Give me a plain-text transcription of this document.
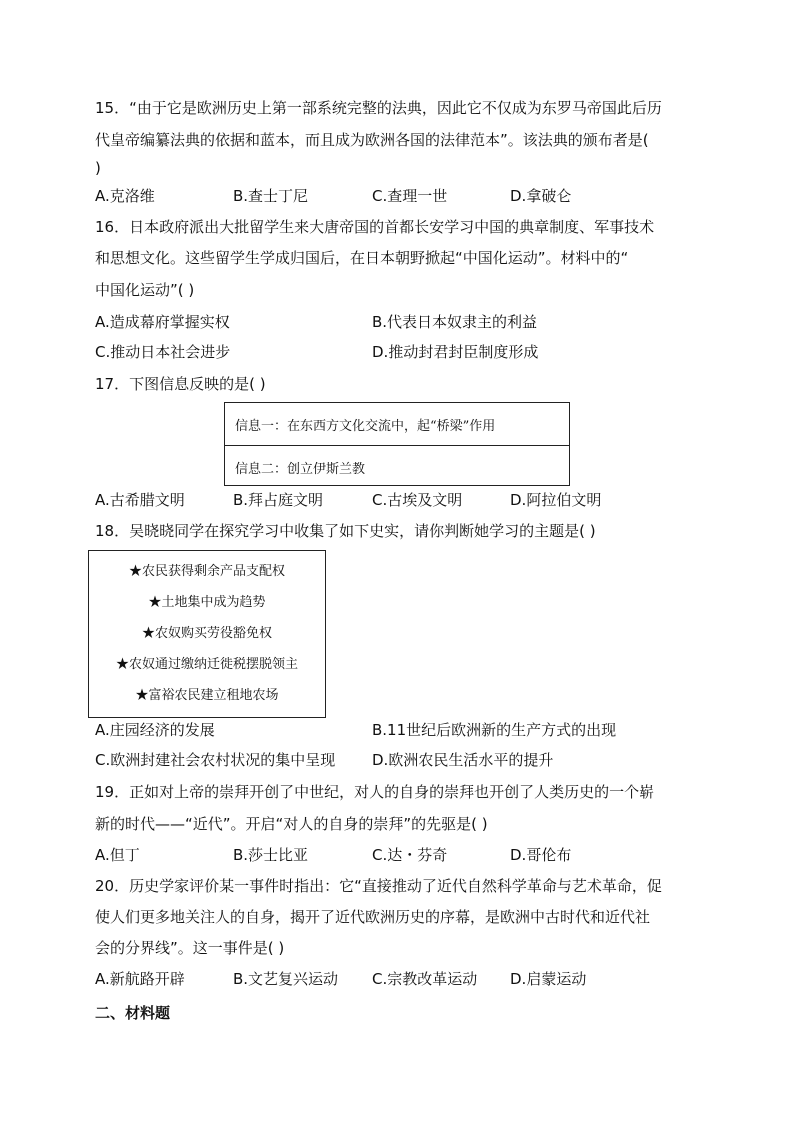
15．“由于它是欧洲历史上第一部系统完整的法典，因此它不仅成为东罗马帝国此后历
代皇帝编纂法典的依据和蓝本，而且成为欧洲各国的法律范本”。该法典的颁布者是(
)
A.克洛维	B.查士丁尼	C.查理一世	D.拿破仑
16．日本政府派出大批留学生来大唐帝国的首都长安学习中国的典章制度、军事技术
和思想文化。这些留学生学成归国后，在日本朝野掀起“中国化运动”。材料中的“
中国化运动”( )
A.造成幕府掌握实权	B.代表日本奴隶主的利益
C.推动日本社会进步	D.推动封君封臣制度形成
17．下图信息反映的是( )
信息一：在东西方文化交流中，起“桥梁”作用
信息二：创立伊斯兰教
A.古希腊文明	B.拜占庭文明	C.古埃及文明	D.阿拉伯文明
18．吴晓晓同学在探究学习中收集了如下史实，请你判断她学习的主题是( )
★农民获得剩余产品支配权
★土地集中成为趋势
★农奴购买劳役豁免权
★农奴通过缴纳迁徙税摆脱领主
★富裕农民建立租地农场
A.庄园经济的发展	B.11世纪后欧洲新的生产方式的出现
C.欧洲封建社会农村状况的集中呈现 D.欧洲农民生活水平的提升
19．正如对上帝的崇拜开创了中世纪，对人的自身的崇拜也开创了人类历史的一个崭
新的时代——“近代”。开启“对人的自身的崇拜”的先驱是( )
A.但丁	B.莎士比亚	C.达・芬奇	D.哥伦布
20．历史学家评价某一事件时指出：它“直接推动了近代自然科学革命与艺术革命，促
使人们更多地关注人的自身，揭开了近代欧洲历史的序幕，是欧洲中古时代和近代社
会的分界线”。这一事件是( )
A.新航路开辟	B.文艺复兴运动 C.宗教改革运动 D.启蒙运动
二、材料题
